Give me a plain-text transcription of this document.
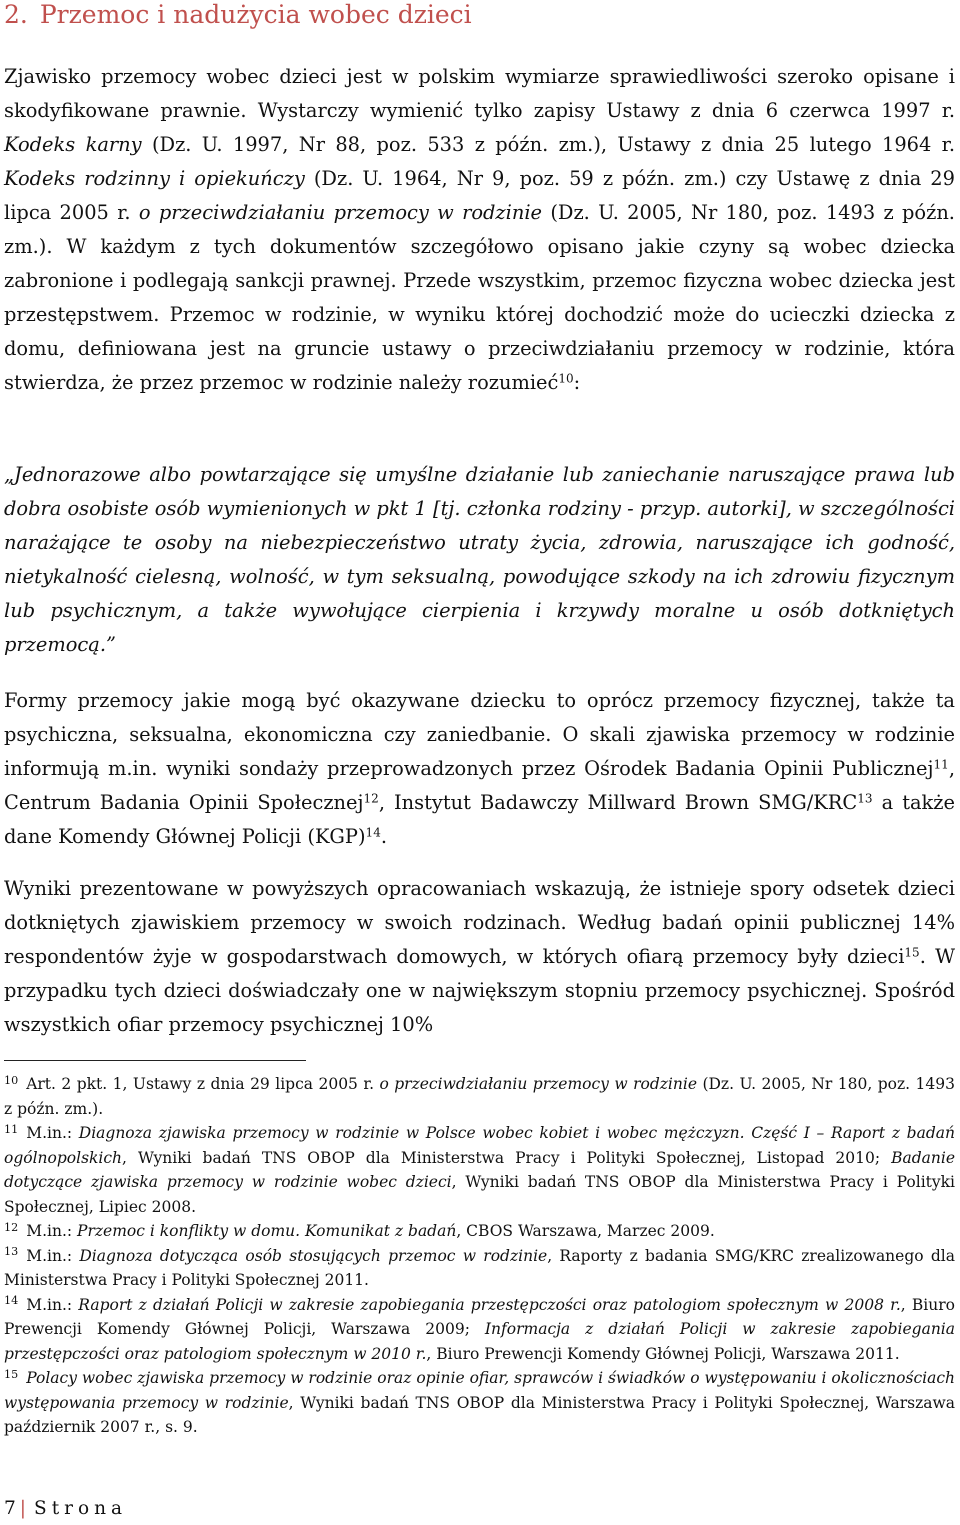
2. Przemoc i nadużycia wobec dzieci

Zjawisko przemocy wobec dzieci jest w polskim wymiarze sprawiedliwości szeroko opisane i skodyfikowane prawnie. Wystarczy wymienić tylko zapisy Ustawy z dnia 6 czerwca 1997 r. Kodeks karny (Dz. U. 1997, Nr 88, poz. 533 z późn. zm.), Ustawy z dnia 25 lutego 1964 r. Kodeks rodzinny i opiekuńczy (Dz. U. 1964, Nr 9, poz. 59 z późn. zm.) czy Ustawę z dnia 29 lipca 2005 r. o przeciwdziałaniu przemocy w rodzinie (Dz. U. 2005, Nr 180, poz. 1493 z późn. zm.). W każdym z tych dokumentów szczegółowo opisano jakie czyny są wobec dziecka zabronione i podlegają sankcji prawnej. Przede wszystkim, przemoc fizyczna wobec dziecka jest przestępstwem. Przemoc w rodzinie, w wyniku której dochodzić może do ucieczki dziecka z domu, definiowana jest na gruncie ustawy o przeciwdziałaniu przemocy w rodzinie, która stwierdza, że przez przemoc w rodzinie należy rozumieć$^{10}$:

„Jednorazowe albo powtarzające się umyślne działanie lub zaniechanie naruszające prawa lub dobra osobiste osób wymienionych w pkt 1 [tj. członka rodziny - przyp. autorki], w szczególności narażające te osoby na niebezpieczeństwo utraty życia, zdrowia, naruszające ich godność, nietykalność cielesną, wolność, w tym seksualną, powodujące szkody na ich zdrowiu fizycznym lub psychicznym, a także wywołujące cierpienia i krzywdy moralne u osób dotkniętych przemocą.”

Formy przemocy jakie mogą być okazywane dziecku to oprócz przemocy fizycznej, także ta psychiczna, seksualna, ekonomiczna czy zaniedbanie. O skali zjawiska przemocy w rodzinie informują m.in. wyniki sondaży przeprowadzonych przez Ośrodek Badania Opinii Publicznej$^{11}$, Centrum Badania Opinii Społecznej$^{12}$, Instytut Badawczy Millward Brown SMG/KRC$^{13}$ a także dane Komendy Głównej Policji (KGP)$^{14}$.

Wyniki prezentowane w powyższych opracowaniach wskazują, że istnieje spory odsetek dzieci dotkniętych zjawiskiem przemocy w swoich rodzinach. Według badań opinii publicznej 14% respondentów żyje w gospodarstwach domowych, w których ofiarą przemocy były dzieci$^{15}$. W przypadku tych dzieci doświadczały one w największym stopniu przemocy psychicznej. Spośród wszystkich ofiar przemocy psychicznej 10%

$^{10}$ Art. 2 pkt. 1, Ustawy z dnia 29 lipca 2005 r. o przeciwdziałaniu przemocy w rodzinie (Dz. U. 2005, Nr 180, poz. 1493 z późn. zm.).

$^{11}$ M.in.: Diagnoza zjawiska przemocy w rodzinie w Polsce wobec kobiet i wobec mężczyzn. Część I – Raport z badań ogólnopolskich, Wyniki badań TNS OBOP dla Ministerstwa Pracy i Polityki Społecznej, Listopad 2010; Badanie dotyczące zjawiska przemocy w rodzinie wobec dzieci, Wyniki badań TNS OBOP dla Ministerstwa Pracy i Polityki Społecznej, Lipiec 2008.

$^{12}$ M.in.: Przemoc i konflikty w domu. Komunikat z badań, CBOS Warszawa, Marzec 2009.

$^{13}$ M.in.: Diagnoza dotycząca osób stosujących przemoc w rodzinie, Raporty z badania SMG/KRC zrealizowanego dla Ministerstwa Pracy i Polityki Społecznej 2011.

$^{14}$ M.in.: Raport z działań Policji w zakresie zapobiegania przestępczości oraz patologiom społecznym w 2008 r., Biuro Prewencji Komendy Głównej Policji, Warszawa 2009; Informacja z działań Policji w zakresie zapobiegania przestępczości oraz patologiom społecznym w 2010 r., Biuro Prewencji Komendy Głównej Policji, Warszawa 2011.

$^{15}$ Polacy wobec zjawiska przemocy w rodzinie oraz opinie ofiar, sprawców i świadków o występowaniu i okolicznościach występowania przemocy w rodzinie, Wyniki badań TNS OBOP dla Ministerstwa Pracy i Polityki Społecznej, Warszawa październik 2007 r., s. 9.

7 | Strona
